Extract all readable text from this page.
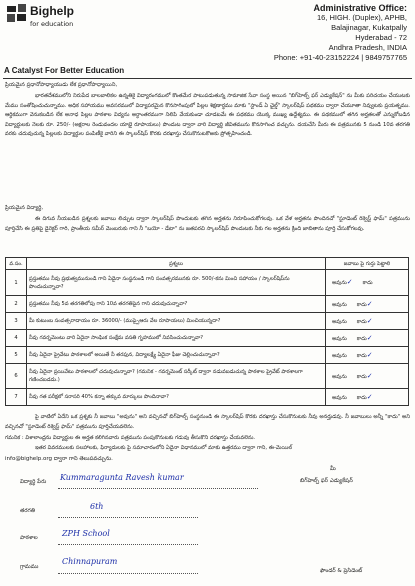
Bighelp
for education
A Catalyst For Better Education
Administrative Office:
16, HIGH. (Duplex), APHB,
Balajinagar, Kukatpally
Hyderabad - 72
Andhra Pradesh, INDIA
Phone: +91-40-23152224 | 9849757765
ప్రియమైన ప్రధానోపాధ్యాయుడు లేక ప్రధానోపాధ్యాయిని,
భారతదేశములోని నిరుపేద బాలబాలికల ఉన్నతికై విద్యారంగములో కొంతమేర పాటుపడుతున్న సామాజిక సేవా సంస్థ అయిన "బిగ్‌హెల్ప్ ఫర్ ఎడ్యుకేషన్" ను మీకు పరిచయం చేయుటకు మేము సంతోషించుచున్నాము. అధిక సహాయము అవసరములో విద్యాపరమైన కొనసాగింపులో పిల్లల శిక్షణార్థము మాకు "స్టాండ్ ఏ ఛైల్డ్" స్కాలర్‌షిప్ పథకము ద్వారా చేయూతా నివ్వుటకు ప్రయత్నము. ఆర్థికముగా వెనుకబడిన లేక అనాధ పిల్లల పాఠశాల విద్యను అర్ధాంతరముగా నిలిపి వేయకుండా చూడటమే ఈ పథకము యొక్క ముఖ్య ఉద్దేశ్యము. ఈ పథకములో తగిన అర్హతలతో ఎన్నుకోబడిన విద్యార్థులకు నెలకు రూ. 250/- (అక్షరాల రెండువందల యాభై రూపాయలు) పొందుట ద్వారా వారి విద్యార్థి జీవితమును కొనసాగించ వచ్చును. దయచేసి మీరు ఈ పత్రమునకు 5 నుండి 10వ తరగతి వరకు చదువుచున్న పిల్లలకు విద్యార్థుల పంపిణీకై వారిని ఈ స్కాలర్‌షిప్ కొరకు దరఖాస్తు చేసుకొనుటకొఱకు ప్రోత్సహించండి.
ప్రియమైన విద్యార్థి,
ఈ దిగువ నీయబడిన ప్రశ్నలకు జవాబు లిచ్చుట ద్వారా స్కాలర్‌షిప్ పొందుటకు తగిన అర్హతను నిరూపించుకోగలవు. ఒక వేళ అర్హతను పొందినచో "స్టూడెంట్ రిక్వెస్ట్ ఫామ్" పత్రమును పూర్తిచేసి ఈ ప్రతిపై డైరెక్టర్ గారి, ప్రాంతీయ సమీర్ మెంబరుకు గాని నీ "బయో - డేటా" ను జతపరచి స్కాలర్‌షిప్ పొందుటకు నీకు గల అర్హతను క్రింది జాబితాను పూర్తి చేసుకోగలవు.
వ.సం.	ప్రశ్నలు	జవాబు పై గుర్తు పెట్టాలి
1	ప్రస్తుతము నీవు ప్రభుత్వమునుండి గాని ఏదైనా సంస్థనుండి గాని సంవత్సరమునకు రూ. 500/-కను మించి సహాయం / స్కాలర్‌షిప్‌ను పొందుచున్నావా?	అవును✓ కాదు
2	ప్రస్తుతము నీవు 5వ తరగతిలోపు గాని 10వ తరగతిపైన గాని చదువుచున్నావా?	అవును కాదు✓
3	మీ కుటుంబ సంవత్సరాదాయం రూ. 36000/- (ముప్పైఆరు వేల రూపాయలు) మించియున్నదా?	అవును కాదు✓
4	నీవు గవర్నమెంటు వారి ఏదైనా సాంఘిక సంక్షేమ వసతి గృహములో నివసించుచున్నావా?	అవును కాదు✓
5	నీవు ఏదైనా ప్రైవేటు పాఠశాలలో అయితే నీ తరఫున, విద్యాలక్ష్యే ఏదైనా ఫీజు చెల్లించుచున్నావా?	అవును కాదు✓
6	నీవు ఏదైనా ప్రయివేటు పాఠశాలలో చదువుచున్నావా? (గమనిక - గవర్నమెంట్ సర్కీట్ ద్వారా నడువబడుచున్న పాఠశాల ప్రైవేట్ పాఠశాలగా గణించబడదు.)	అవును కాదు✓
7	నీవు గత పరీక్షలో సరాసరి 40% కన్నా తక్కువ మార్కులు పొందినావా?	అవును కాదు✓
పై వాటిలో ఏదేని ఒక ప్రశ్నకు నీ జవాబు "అవును" అని వచ్చినచో బిగ్‌హెల్ప్ సంస్థనుండి ఈ స్కాలర్‌షిప్ కొరకు దరఖాస్తు చేసుకొనుటకు నీవు అనర్హుడవు. నీ జవాబులు అన్నీ "కాదు" అని వచ్చినచో "స్టూడెంట్ రిక్వెస్ట్ ఫామ్" పత్రమును పూర్తిచేయవలెను.
గమనిక : విశాలాంధ్రను విద్యార్థుల ఈ అర్హత కలిగినవారు పత్రమును పంపుకొనుటకు గడువు తీసుకొని దరఖాస్తు చేయవలెను.
ఇతర వివరములకు సలహాలకు, ఫిర్యాదులకు పై సమాచారంలోని ఏదైనా విధానములో మాకు ఉత్తరము ద్వారా గాని, ఈ-మెయిల్
info@bighelp.org ద్వారా గాని తెలుపవచ్చును.
మీ
బిగ్‌హెల్ప్ ఫర్ ఎడ్యుకేషన్
విద్యార్థి పేరు Kummaragunta Ravesh kumar
తరగతి	6th
పాఠశాల	ZPH School
గ్రామము
Chinnapuram
ఫౌండర్ & ప్రెసిడెంట్
